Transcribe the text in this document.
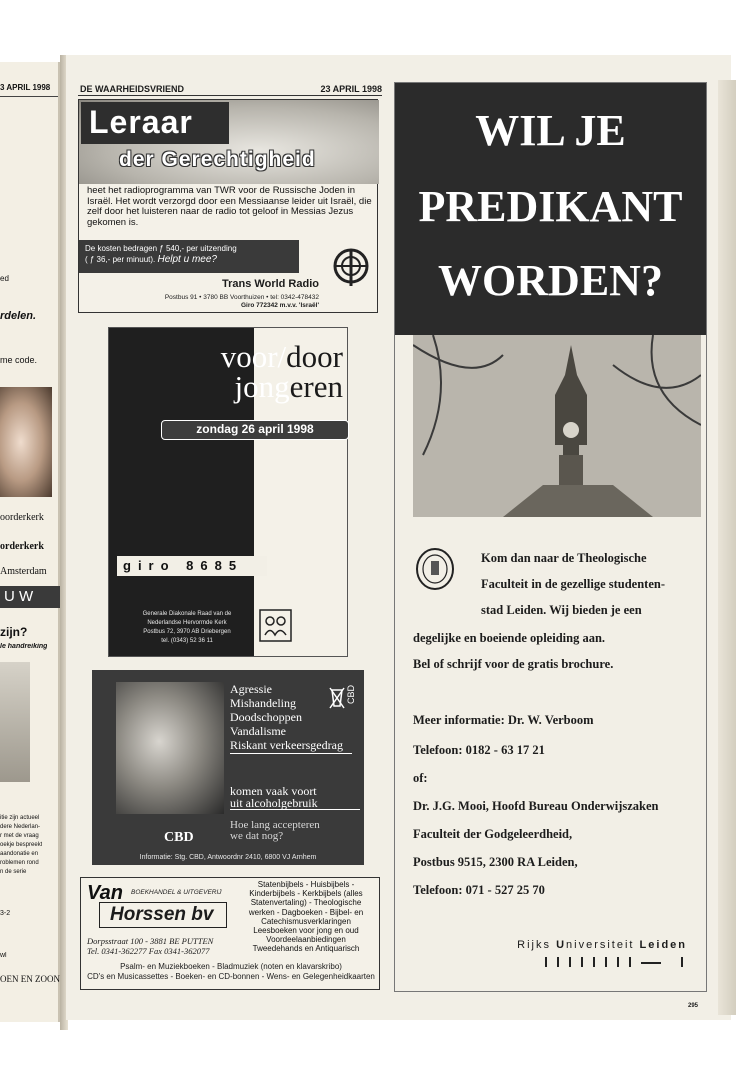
3 APRIL 1998
ed
rdelen.
me code.
oorderkerk
orderkerk
Amsterdam
U W
zijn?
le handreiking
itie zijn actueel
dere Nederlan-
r met de vraag
oekje bespreekt
aandonatie en
roblemen rond
n de serie
3-2
wl
OEN EN ZOON
DE WAARHEIDSVRIEND	23 APRIL 1998
Leraar
der Gerechtigheid
heet het radioprogramma van TWR voor de Russische Joden in Israël. Het wordt verzorgd door een Messiaanse leider uit Israël, die zelf door het luisteren naar de radio tot geloof in Messias Jezus gekomen is.
De kosten bedragen ƒ 540,- per uitzending
( ƒ 36,- per minuut). Helpt u mee?
Trans World Radio
Postbus 91 • 3780 BB Voorthuizen • tel: 0342-478432
Giro 772342 m.v.v. 'Israël'
voor/door
jongeren
zondag 26 april 1998
giro 8685
Generale Diakonale Raad van de
Nederlandse Hervormde Kerk
Postbus 72, 3970 AB Driebergen
tel. (0343) 52 36 11
Agressie
Mishandeling
Doodschoppen
Vandalisme
Riskant verkeersgedrag
komen vaak voort
uit alcoholgebruik
Hoe lang accepteren
we dat nog?
CBD
CBD
Informatie: Stg. CBD, Antwoordnr 2410, 6800 VJ Arnhem
Van BOEKHANDEL & UITGEVERIJ
Horssen bv
Dorpsstraat 100 - 3881 BE PUTTEN
Tel. 0341-362277 Fax 0341-362077
Statenbijbels - Huisbijbels -
Kinderbijbels - Kerkbijbels (alles
Statenvertaling) - Theologische
werken - Dagboeken - Bijbel- en
Catechismusverklaringen
Leesboeken voor jong en oud
Voordeelaanbiedingen
Tweedehands en Antiquarisch
Psalm- en Muziekboeken - Bladmuziek (noten en klavarskribo)
CD's en Musicassettes - Boeken- en CD-bonnen - Wens- en Gelegenheidkaarten
WIL JE
PREDIKANT
WORDEN?
Kom dan naar de Theologische
Faculteit in de gezellige studenten-
stad Leiden. Wij bieden je een
degelijke en boeiende opleiding aan.
Bel of schrijf voor de gratis brochure.
Meer informatie: Dr. W. Verboom
Telefoon: 0182 - 63 17 21
of:
Dr. J.G. Mooi, Hoofd Bureau Onderwijszaken
Faculteit der Godgeleerdheid,
Postbus 9515, 2300 RA Leiden,
Telefoon: 071 - 527 25 70
Rijks Universiteit Leiden
295
